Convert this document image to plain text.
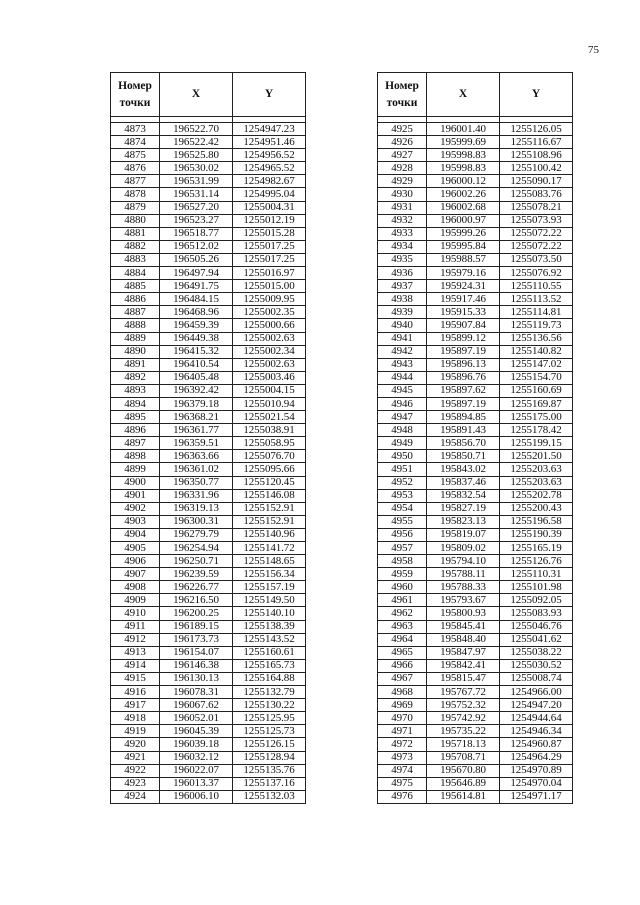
75
Номер
точки	X	Y

4873	196522.70	1254947.23
4874	196522.42	1254951.46
4875	196525.80	1254956.52
4876	196530.02	1254965.52
4877	196531.99	1254982.67
4878	196531.14	1254995.04
4879	196527.20	1255004.31
4880	196523.27	1255012.19
4881	196518.77	1255015.28
4882	196512.02	1255017.25
4883	196505.26	1255017.25
4884	196497.94	1255016.97
4885	196491.75	1255015.00
4886	196484.15	1255009.95
4887	196468.96	1255002.35
4888	196459.39	1255000.66
4889	196449.38	1255002.63
4890	196415.32	1255002.34
4891	196410.54	1255002.63
4892	196405.48	1255003.46
4893	196392.42	1255004.15
4894	196379.18	1255010.94
4895	196368.21	1255021.54
4896	196361.77	1255038.91
4897	196359.51	1255058.95
4898	196363.66	1255076.70
4899	196361.02	1255095.66
4900	196350.77	1255120.45
4901	196331.96	1255146.08
4902	196319.13	1255152.91
4903	196300.31	1255152.91
4904	196279.79	1255140.96
4905	196254.94	1255141.72
4906	196250.71	1255148.65
4907	196239.59	1255156.34
4908	196226.77	1255157.19
4909	196216.50	1255149.50
4910	196200.25	1255140.10
4911	196189.15	1255138.39
4912	196173.73	1255143.52
4913	196154.07	1255160.61
4914	196146.38	1255165.73
4915	196130.13	1255164.88
4916	196078.31	1255132.79
4917	196067.62	1255130.22
4918	196052.01	1255125.95
4919	196045.39	1255125.73
4920	196039.18	1255126.15
4921	196032.12	1255128.94
4922	196022.07	1255135.76
4923	196013.37	1255137.16
4924	196006.10	1255132.03
Номер
точки	X	Y

4925	196001.40	1255126.05
4926	195999.69	1255116.67
4927	195998.83	1255108.96
4928	195998.83	1255100.42
4929	196000.12	1255090.17
4930	196002.26	1255083.76
4931	196002.68	1255078.21
4932	196000.97	1255073.93
4933	195999.26	1255072.22
4934	195995.84	1255072.22
4935	195988.57	1255073.50
4936	195979.16	1255076.92
4937	195924.31	1255110.55
4938	195917.46	1255113.52
4939	195915.33	1255114.81
4940	195907.84	1255119.73
4941	195899.12	1255136.56
4942	195897.19	1255140.82
4943	195896.13	1255147.02
4944	195896.76	1255154.70
4945	195897.62	1255160.69
4946	195897.19	1255169.87
4947	195894.85	1255175.00
4948	195891.43	1255178.42
4949	195856.70	1255199.15
4950	195850.71	1255201.50
4951	195843.02	1255203.63
4952	195837.46	1255203.63
4953	195832.54	1255202.78
4954	195827.19	1255200.43
4955	195823.13	1255196.58
4956	195819.07	1255190.39
4957	195809.02	1255165.19
4958	195794.10	1255126.76
4959	195788.11	1255110.31
4960	195788.33	1255101.98
4961	195793.67	1255092.05
4962	195800.93	1255083.93
4963	195845.41	1255046.76
4964	195848.40	1255041.62
4965	195847.97	1255038.22
4966	195842.41	1255030.52
4967	195815.47	1255008.74
4968	195767.72	1254966.00
4969	195752.32	1254947.20
4970	195742.92	1254944.64
4971	195735.22	1254946.34
4972	195718.13	1254960.87
4973	195708.71	1254964.29
4974	195670.80	1254970.89
4975	195646.89	1254970.04
4976	195614.81	1254971.17
